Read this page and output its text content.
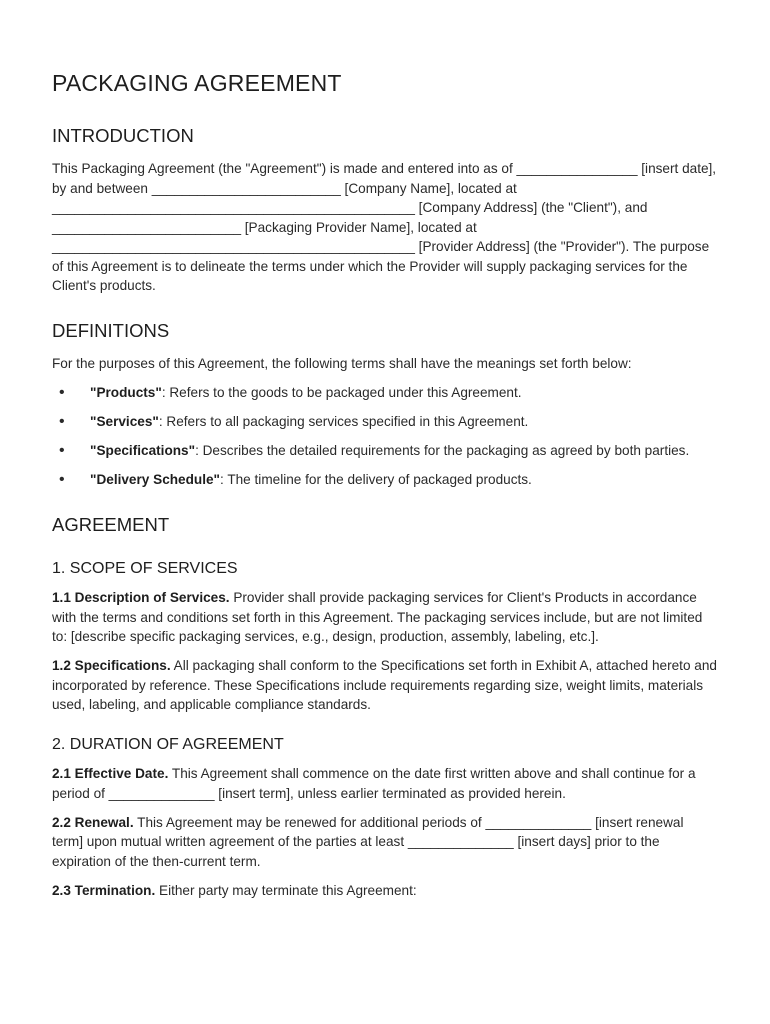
PACKAGING AGREEMENT
INTRODUCTION

This Packaging Agreement (the "Agreement") is made and entered into as of ________________ [insert date], by and between _________________________ [Company Name], located at ________________________________________________ [Company Address] (the "Client"), and _________________________ [Packaging Provider Name], located at ________________________________________________ [Provider Address] (the "Provider"). The purpose of this Agreement is to delineate the terms under which the Provider will supply packaging services for the Client's products.

DEFINITIONS

For the purposes of this Agreement, the following terms shall have the meanings set forth below:

• "Products": Refers to the goods to be packaged under this Agreement.
• "Services": Refers to all packaging services specified in this Agreement.
• "Specifications": Describes the detailed requirements for the packaging as agreed by both parties.
• "Delivery Schedule": The timeline for the delivery of packaged products.
AGREEMENT
1. SCOPE OF SERVICES

1.1 Description of Services. Provider shall provide packaging services for Client's Products in accordance with the terms and conditions set forth in this Agreement. The packaging services include, but are not limited to: [describe specific packaging services, e.g., design, production, assembly, labeling, etc.].

1.2 Specifications. All packaging shall conform to the Specifications set forth in Exhibit A, attached hereto and incorporated by reference. These Specifications include requirements regarding size, weight limits, materials used, labeling, and applicable compliance standards.

2. DURATION OF AGREEMENT

2.1 Effective Date. This Agreement shall commence on the date first written above and shall continue for a period of ______________ [insert term], unless earlier terminated as provided herein.

2.2 Renewal. This Agreement may be renewed for additional periods of ______________ [insert renewal term] upon mutual written agreement of the parties at least ______________ [insert days] prior to the expiration of the then-current term.

2.3 Termination. Either party may terminate this Agreement:
